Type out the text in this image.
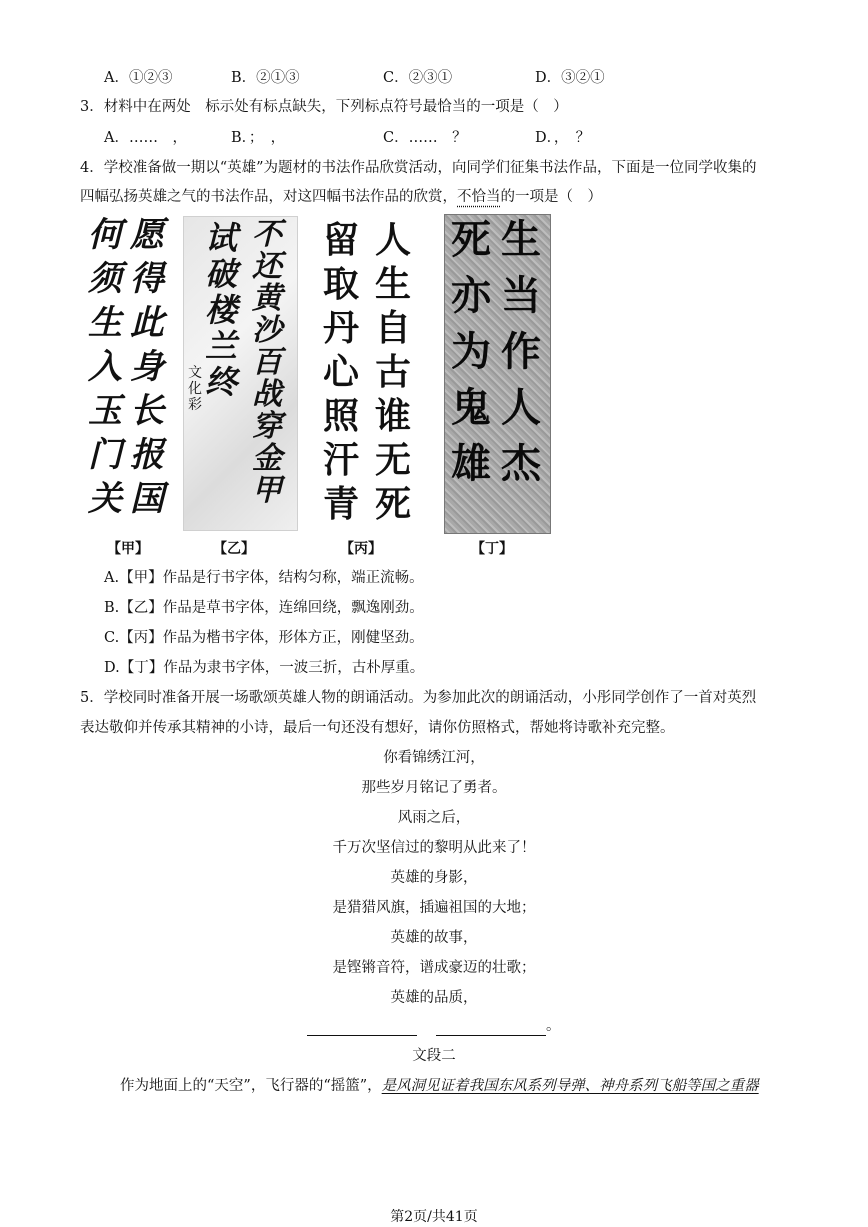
A．①②③	B．②①③	C．②③①	D．③②①
3．材料中在两处　标示处有标点缺失，下列标点符号最恰当的一项是（　）
A．……　，	B．；　，	C．……　？	D．，　？
4．学校准备做一期以“英雄”为题材的书法作品欣赏活动，向同学们征集书法作品，下面是一位同学收集的
四幅弘扬英雄之气的书法作品，对这四幅书法作品的欣赏，不恰当的一项是（　）
何
须
生
入
玉
门
关
愿
得
此
身
长
报
国
【甲】
文
化
彩
试
破
楼
兰
终
不
还
黄
沙
百
战
穿
金
甲
【乙】
留
取
丹
心
照
汗
青
人
生
自
古
谁
无
死
【丙】
死
亦
为
鬼
雄
生
当
作
人
杰
【丁】
A.【甲】作品是行书字体，结构匀称，端正流畅。
B.【乙】作品是草书字体，连绵回绕，飘逸刚劲。
C.【丙】作品为楷书字体，形体方正，刚健坚劲。
D.【丁】作品为隶书字体，一波三折，古朴厚重。
5．学校同时准备开展一场歌颂英雄人物的朗诵活动。为参加此次的朗诵活动，小彤同学创作了一首对英烈
表达敬仰并传承其精神的小诗，最后一句还没有想好，请你仿照格式，帮她将诗歌补充完整。
你看锦绣江河，
那些岁月铭记了勇者。
风雨之后，
千万次坚信过的黎明从此来了！
英雄的身影，
是猎猎风旗，插遍祖国的大地；
英雄的故事，
是铿锵音符，谱成豪迈的壮歌；
英雄的品质，
。
文段二
作为地面上的“天空”，飞行器的“摇篮”，是风洞见证着我国东风系列导弹、神舟系列飞船等国之重器
第2页/共41页
